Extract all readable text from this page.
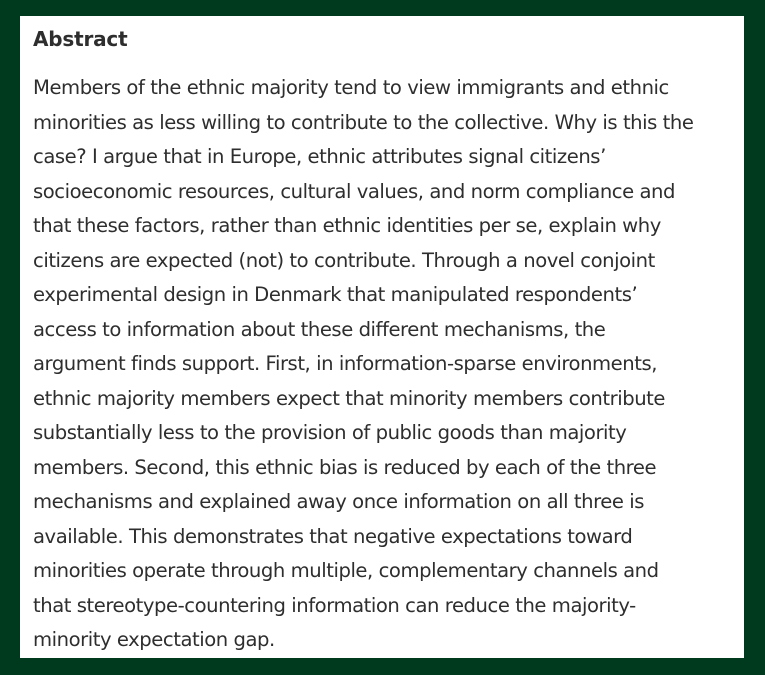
Abstract

Members of the ethnic majority tend to view immigrants and ethnic
minorities as less willing to contribute to the collective. Why is this the
case? I argue that in Europe, ethnic attributes signal citizens’
socioeconomic resources, cultural values, and norm compliance and
that these factors, rather than ethnic identities per se, explain why
citizens are expected (not) to contribute. Through a novel conjoint
experimental design in Denmark that manipulated respondents’
access to information about these different mechanisms, the
argument finds support. First, in information-sparse environments,
ethnic majority members expect that minority members contribute
substantially less to the provision of public goods than majority
members. Second, this ethnic bias is reduced by each of the three
mechanisms and explained away once information on all three is
available. This demonstrates that negative expectations toward
minorities operate through multiple, complementary channels and
that stereotype-countering information can reduce the majority-
minority expectation gap.
